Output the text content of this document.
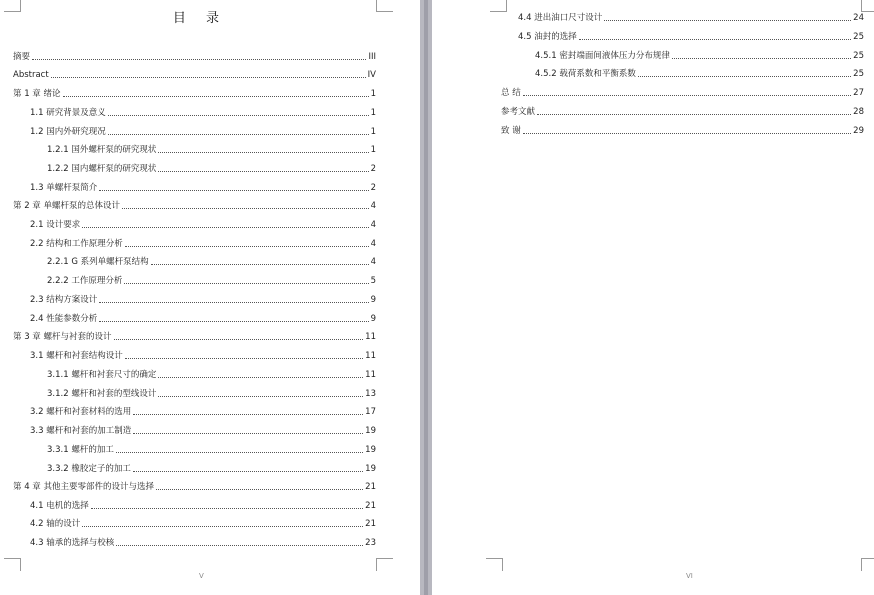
目 录
摘要	III
Abstract	IV
第 1 章 绪论	1
1.1 研究背景及意义	1
1.2 国内外研究现况	1
1.2.1 国外螺杆泵的研究现状	1
1.2.2 国内螺杆泵的研究现状	2
1.3 单螺杆泵简介	2
第 2 章 单螺杆泵的总体设计	4
2.1 设计要求	4
2.2 结构和工作原理分析	4
2.2.1 G 系列单螺杆泵结构	4
2.2.2 工作原理分析	5
2.3 结构方案设计	9
2.4 性能参数分析	9
第 3 章 螺杆与衬套的设计	11
3.1 螺杆和衬套结构设计	11
3.1.1 螺杆和衬套尺寸的确定	11
3.1.2 螺杆和衬套的型线设计	13
3.2 螺杆和衬套材料的选用	17
3.3 螺杆和衬套的加工制造	19
3.3.1 螺杆的加工	19
3.3.2 橡胶定子的加工	19
第 4 章 其他主要零部件的设计与选择	21
4.1 电机的选择	21
4.2 轴的设计	21
4.3 轴承的选择与校核	23
V
4.4 进出油口尺寸设计	24
4.5 油封的选择	25
4.5.1 密封端面间液体压力分布规律	25
4.5.2 载荷系数和平衡系数	25
总 结	27
参考文献	28
致 谢	29
VI
